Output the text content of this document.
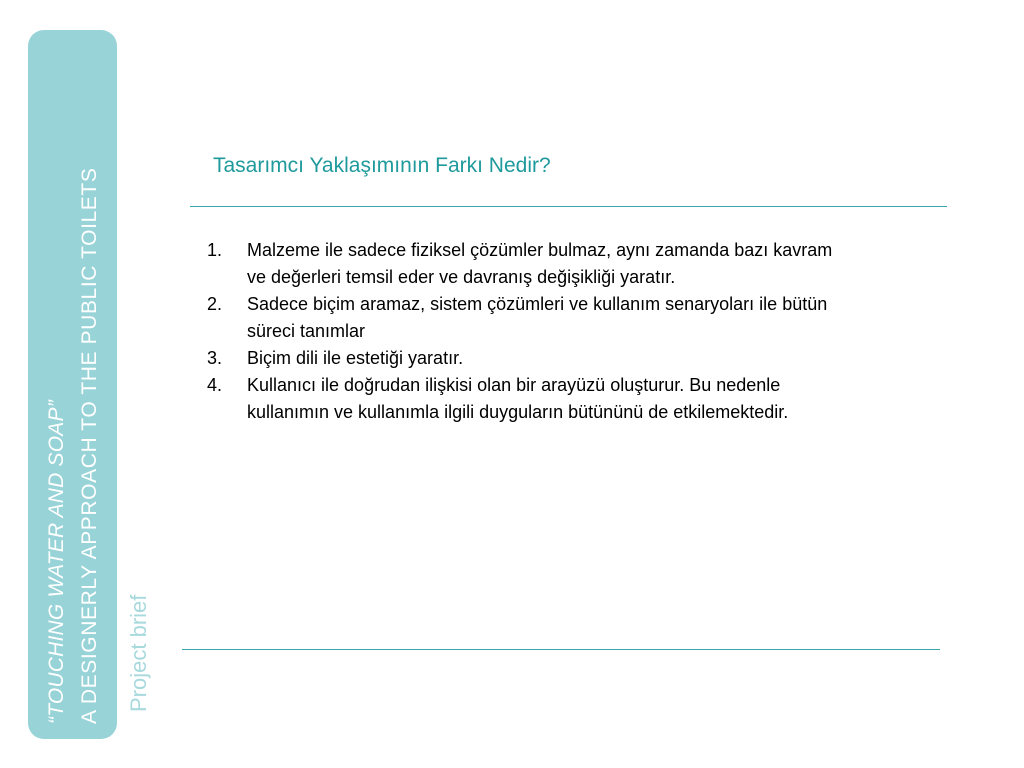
“TOUCHING WATER AND SOAP” A DESIGNERLY APPROACH TO THE PUBLIC TOILETS Project brief
Tasarımcı Yaklaşımının Farkı Nedir?
1. Malzeme ile sadece fiziksel çözümler bulmaz, aynı zamanda bazı kavram ve değerleri temsil eder ve davranış değişikliği yaratır.
2. Sadece biçim aramaz, sistem çözümleri ve kullanım senaryoları ile bütün süreci tanımlar
3. Biçim dili ile estetiği yaratır.
4. Kullanıcı ile doğrudan ilişkisi olan bir arayüzü oluşturur. Bu nedenle kullanımın ve kullanımla ilgili duyguların bütününü de etkilemektedir.
